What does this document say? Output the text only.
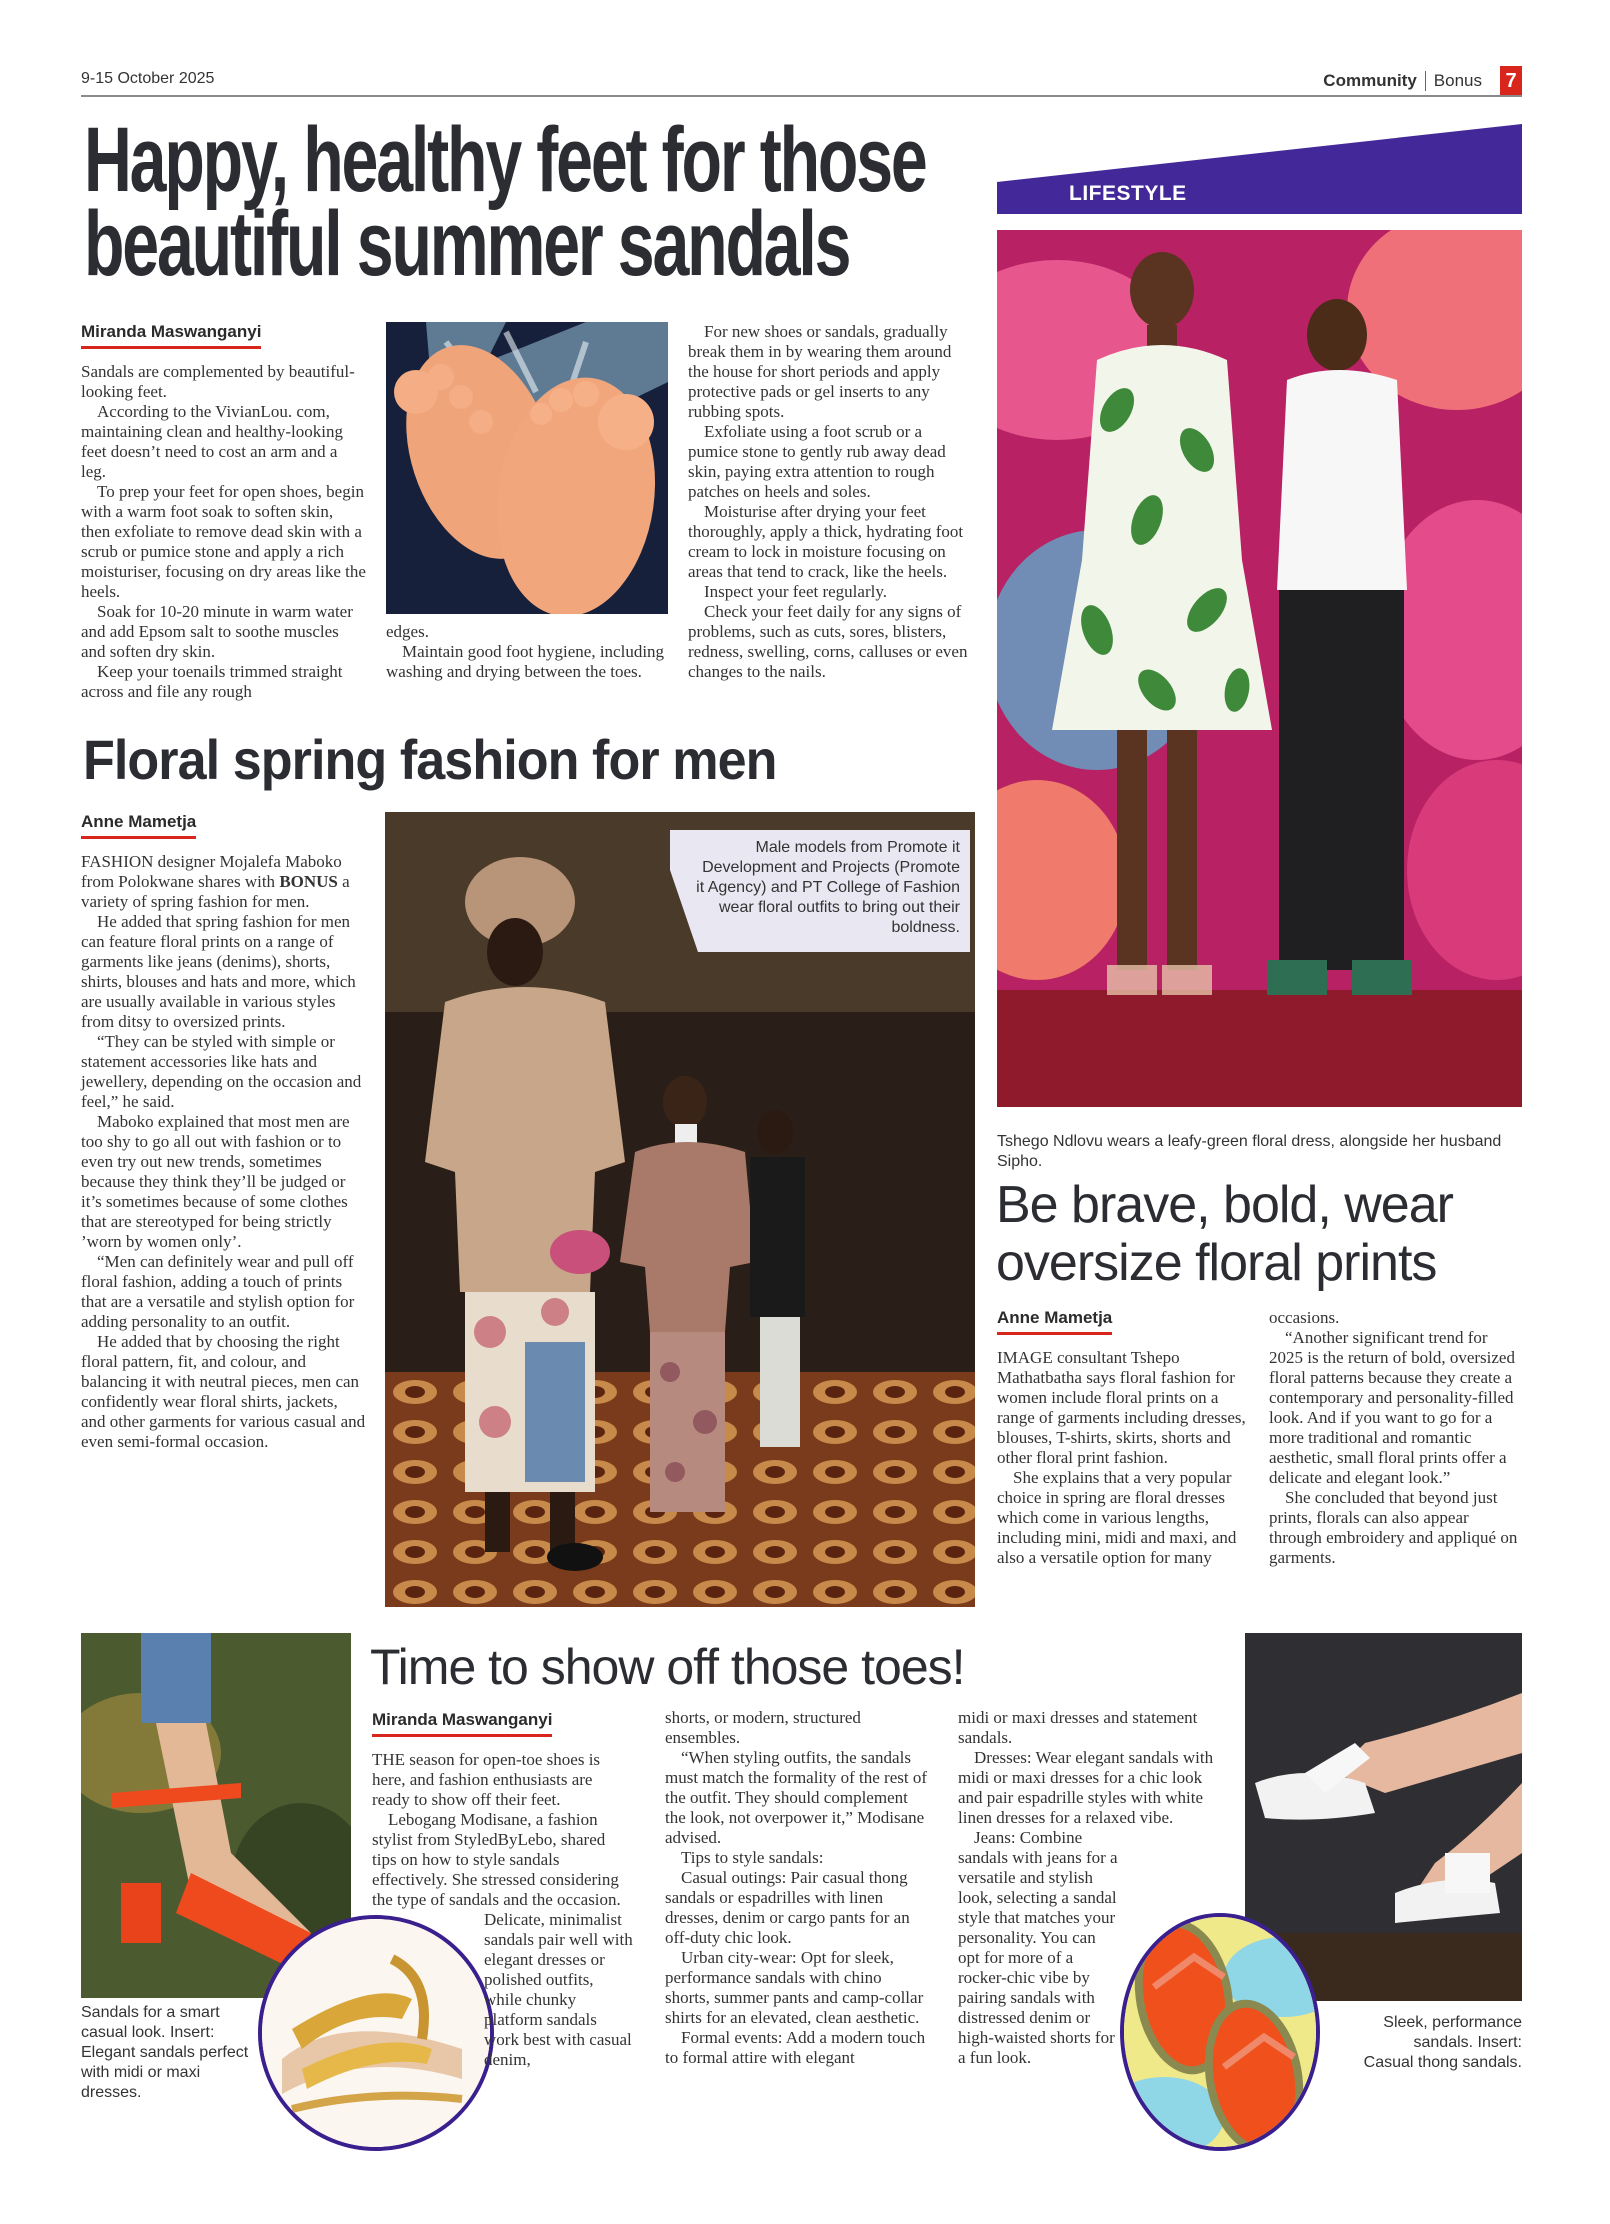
9-15 October 2025	Community Bonus 7
Happy, healthy feet for those
beautiful summer sandals
Miranda Maswanganyi

Sandals are complemented by beautiful-looking feet.

According to the VivianLou. com, maintaining clean and healthy-looking feet doesn’t need to cost an arm and a leg.

To prep your feet for open shoes, begin with a warm foot soak to soften skin, then exfoliate to remove dead skin with a scrub or pumice stone and apply a rich moisturiser, focusing on dry areas like the heels.

Soak for 10-20 minute in warm water and add Epsom salt to soothe muscles and soften dry skin.

Keep your toenails trimmed straight across and file any rough

edges.

Maintain good foot hygiene, including washing and drying between the toes.

For new shoes or sandals, gradually break them in by wearing them around the house for short periods and apply protective pads or gel inserts to any rubbing spots.

Exfoliate using a foot scrub or a pumice stone to gently rub away dead skin, paying extra attention to rough patches on heels and soles.

Moisturise after drying your feet thoroughly, apply a thick, hydrating foot cream to lock in moisture focusing on areas that tend to crack, like the heels.

Inspect your feet regularly.

Check your feet daily for any signs of problems, such as cuts, sores, blisters, redness, swelling, corns, calluses or even changes to the nails.

LIFESTYLE
Tshego Ndlovu wears a leafy-green floral dress, alongside her husband Sipho.
Floral spring fashion for men
Anne Mametja

FASHION designer Mojalefa Maboko from Polokwane shares with BONUS a variety of spring fashion for men.

He added that spring fashion for men can feature floral prints on a range of garments like jeans (denims), shorts, shirts, blouses and hats and more, which are usually available in various styles from ditsy to oversized prints.

“They can be styled with simple or statement accessories like hats and jewellery, depending on the occasion and feel,” he said.

Maboko explained that most men are too shy to go all out with fashion or to even try out new trends, sometimes because they think they’ll be judged or it’s sometimes because of some clothes that are stereotyped for being strictly ’worn by women only’.

“Men can definitely wear and pull off floral fashion, adding a touch of prints that are a versatile and stylish option for adding personality to an outfit.

He added that by choosing the right floral pattern, fit, and colour, and balancing it with neutral pieces, men can confidently wear floral shirts, jackets, and other garments for various casual and even semi-formal occasion.

Male models from Promote it Development and Projects (Promote it Agency) and PT College of Fashion wear floral outfits to bring out their boldness.
Be brave, bold, wear oversize floral prints
Anne Mametja

IMAGE consultant Tshepo Mathatbatha says floral fashion for women include floral prints on a range of garments including dresses, blouses, T-shirts, skirts, shorts and other floral print fashion.

She explains that a very popular choice in spring are floral dresses which come in various lengths, including mini, midi and maxi, and also a versatile option for many

occasions.

“Another significant trend for 2025 is the return of bold, oversized floral patterns because they create a contemporary and personality-filled look. And if you want to go for a more traditional and romantic aesthetic, small floral prints offer a delicate and elegant look.”

She concluded that beyond just prints, florals can also appear through embroidery and appliqué on garments.

Sandals for a smart casual look. Insert: Elegant sandals perfect with midi or maxi dresses.
Time to show off those toes!
Miranda Maswanganyi

THE season for open-toe shoes is here, and fashion enthusiasts are ready to show off their feet.

Lebogang Modisane, a fashion stylist from StyledByLebo, shared tips on how to style sandals effectively. She stressed considering the type of sandals and the occasion.

Delicate, minimalist sandals pair well with elegant dresses or polished outfits, while chunky platform sandals work best with casual denim,

shorts, or modern, structured ensembles.

“When styling outfits, the sandals must match the formality of the rest of the outfit. They should complement the look, not overpower it,” Modisane advised.

Tips to style sandals:

Casual outings: Pair casual thong sandals or espadrilles with linen dresses, denim or cargo pants for an off-duty chic look.

Urban city-wear: Opt for sleek, performance sandals with chino shorts, summer pants and camp-collar shirts for an elevated, clean aesthetic.

Formal events: Add a modern touch to formal attire with elegant

midi or maxi dresses and statement sandals.

Dresses: Wear elegant sandals with midi or maxi dresses for a chic look and pair espadrille styles with white linen dresses for a relaxed vibe.

Jeans: Combine sandals with jeans for a versatile and stylish look, selecting a sandal style that matches your personality. You can opt for more of a rocker-chic vibe by pairing sandals with distressed denim or high-waisted shorts for a fun look.

Sleek, performance sandals. Insert: Casual thong sandals.
